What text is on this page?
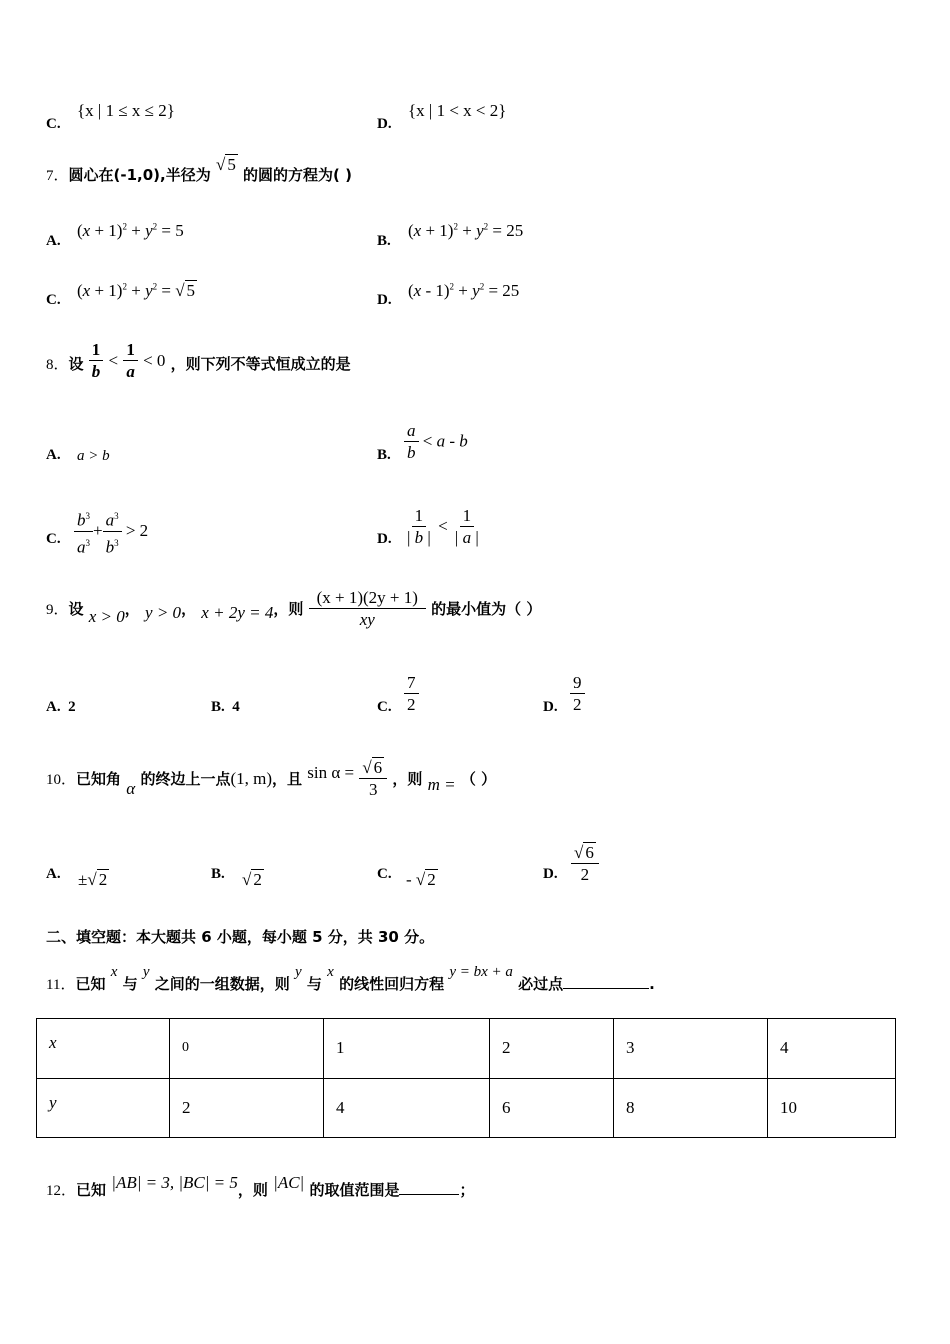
C.
{x | 1 ≤ x ≤ 2}
D.
{x | 1 < x < 2}
7．圆心在(-1,0),半径为 √ 5 的圆的方程为( )
A.
$(x + 1)^2 + y^2 = 5$
B.
$(x + 1)^2 + y^2 = 25$
C. $(x + 1)^2 + y^2$ = √ 5	D. $(x - 1)^2 + y^2 = 25$
8．设 $\frac{1}{b} < \frac{1}{a} < 0$ ，则下列不等式恒成立的是
A. a > b	B. $\frac{a}{b} < a - b$
C. $\frac{b^3}{a^3} + \frac{a^3}{b^3} > 2$	D. $\frac{1}{| b |} < \frac{1}{| a |}$
9．设 x > 0， y > 0， x + 2y = 4，则 $\frac{(x + 1)(2y + 1)}{xy}$ 的最小值为（ ）
A. 2	B. 4	C. $\frac{7}{2}$	D. $\frac{9}{2}$
10．已知角 α 的终边上一点(1, m)，且 $\sin \alpha = \frac{√ 6}{3}$ ，则 m = （ ）
A. ±√ 2	B. √ 2	C. - √ 2	D. $\frac{√ 6}{2}$
二、填空题：本大题共 6 小题，每小题 5 分，共 30 分。
11．已知 x 与 y 之间的一组数据，则 y 与 x 的线性回归方程 y = bx + a 必过点	.
x	0	1	2	3	4
y	2	4	6	8	10
12．已知 |AB| = 3, |BC| = 5，则 |AC| 的取值范围是	；
